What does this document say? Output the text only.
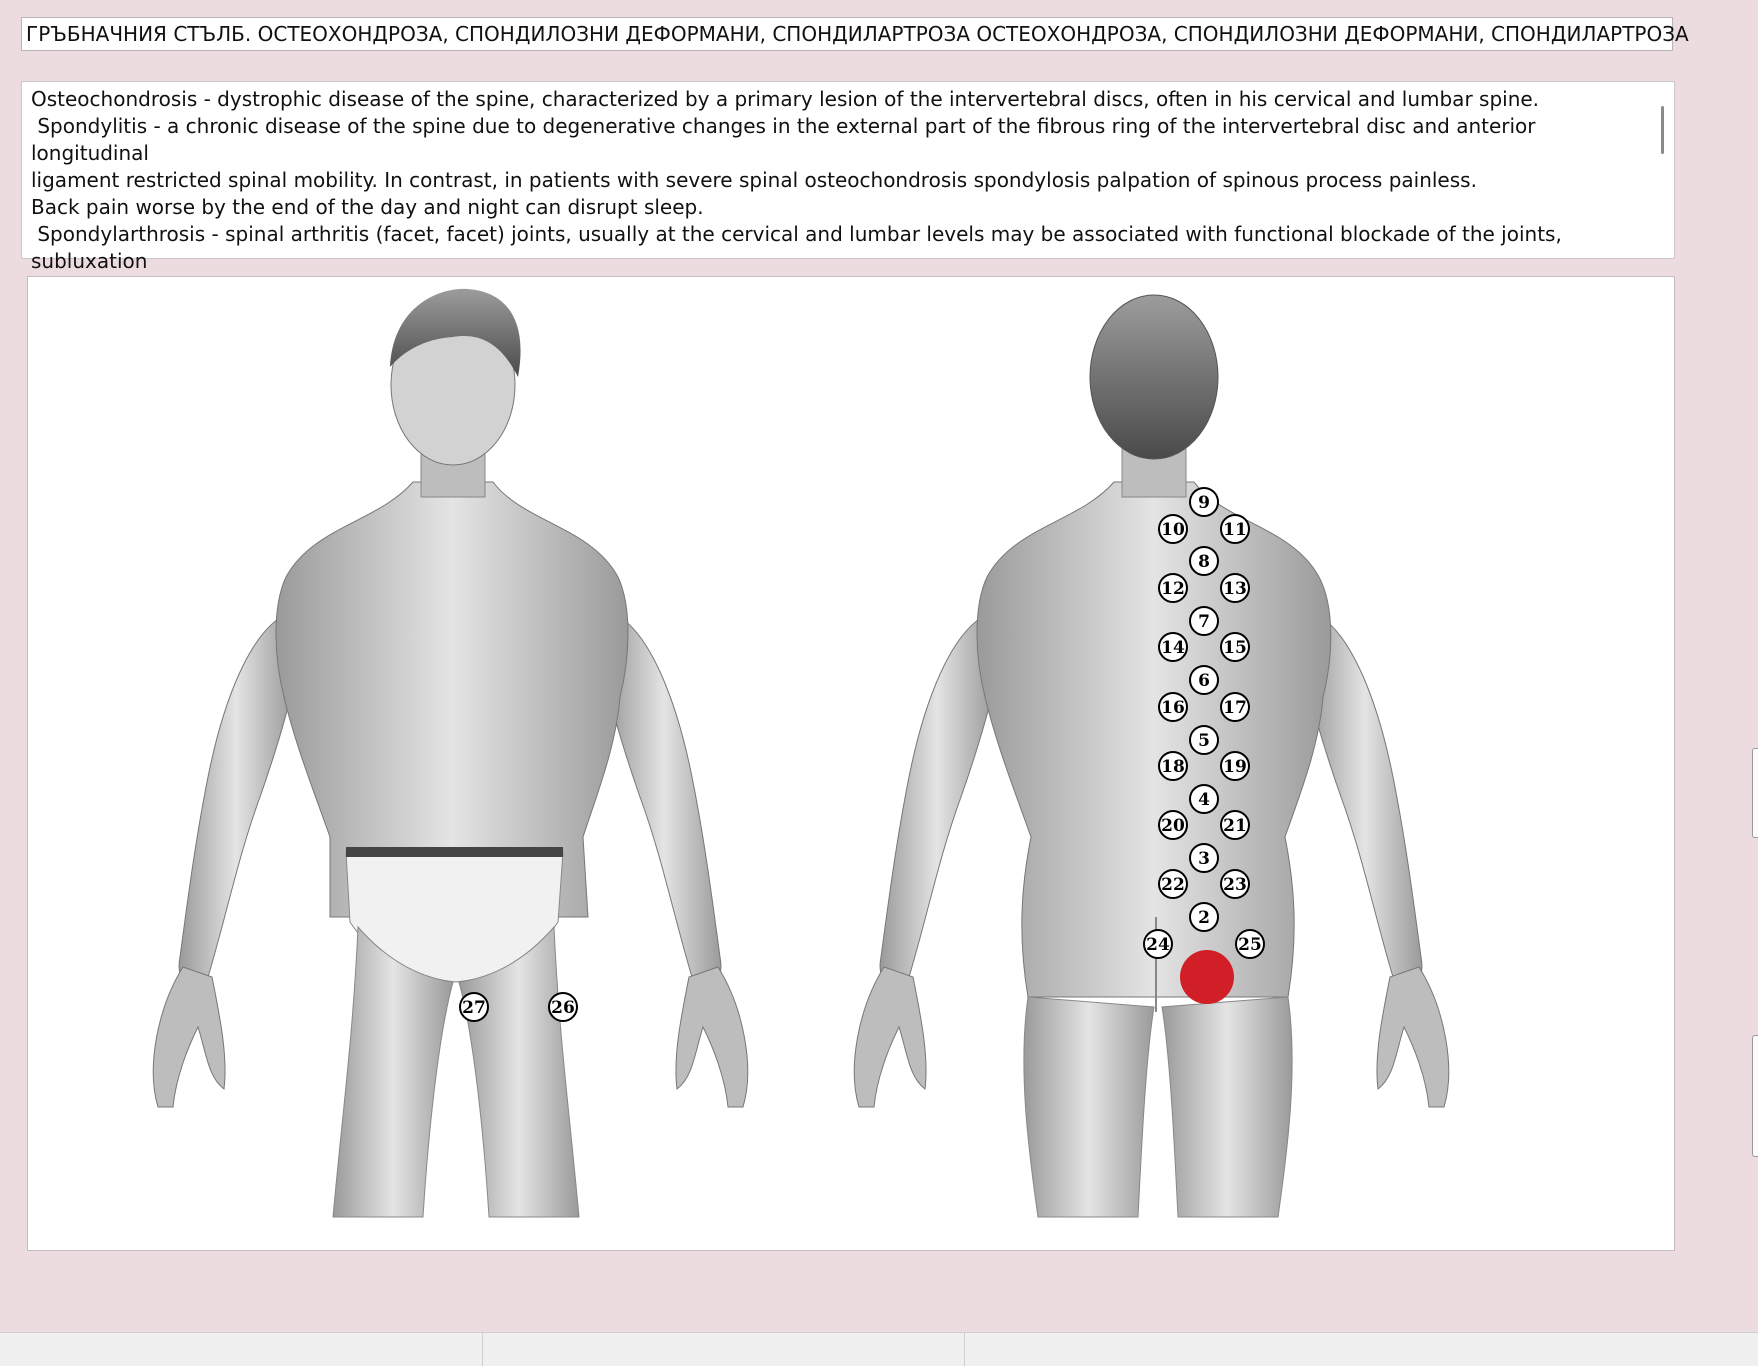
ГРЪБНАЧНИЯ СТЪЛБ. ОСТЕОХОНДРОЗА, СПОНДИЛОЗНИ ДЕФОРМАНИ, СПОНДИЛАРТРОЗА ОСТЕОХОНДРОЗА, СПОНДИЛОЗНИ ДЕФОРМАНИ, СПОНДИЛАРТРОЗА
Osteochondrosis - dystrophic disease of the spine, characterized by a primary lesion of the intervertebral discs, often in his cervical and lumbar spine.
Spondylitis - a chronic disease of the spine due to degenerative changes in the external part of the fibrous ring of the intervertebral disc and anterior longitudinal
ligament restricted spinal mobility. In contrast, in patients with severe spinal osteochondrosis spondylosis palpation of spinous process painless.
Back pain worse by the end of the day and night can disrupt sleep.
Spondylarthrosis - spinal arthritis (facet, facet) joints, usually at the cervical and lumbar levels may be associated with functional blockade of the joints, subluxation

9
10 11
8
12 13
7
14 15
6
16 17
5
18 19
4
20 21
3
22 23
2
24	25
27	26
